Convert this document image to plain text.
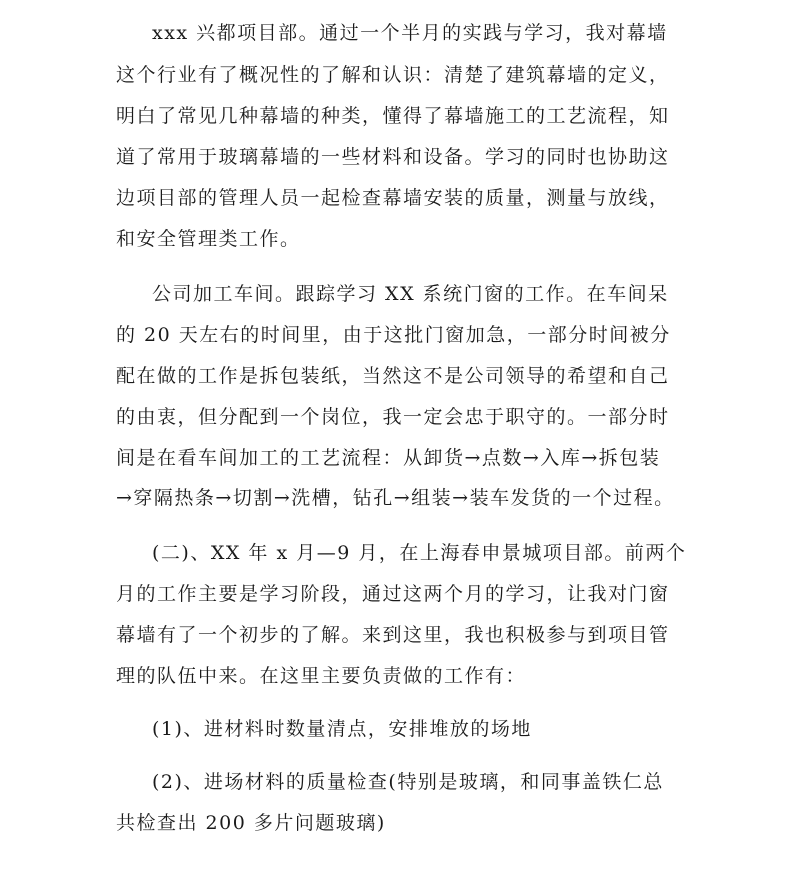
xxx 兴都项目部。通过一个半月的实践与学习，我对幕墙
这个行业有了概况性的了解和认识：清楚了建筑幕墙的定义，
明白了常见几种幕墙的种类，懂得了幕墙施工的工艺流程，知
道了常用于玻璃幕墙的一些材料和设备。学习的同时也协助这
边项目部的管理人员一起检查幕墙安装的质量，测量与放线，
和安全管理类工作。
公司加工车间。跟踪学习 XX 系统门窗的工作。在车间呆
的 20 天左右的时间里，由于这批门窗加急，一部分时间被分
配在做的工作是拆包装纸，当然这不是公司领导的希望和自己
的由衷，但分配到一个岗位，我一定会忠于职守的。一部分时
间是在看车间加工的工艺流程：从卸货→点数→入库→拆包装
→穿隔热条→切割→洗槽，钻孔→组装→装车发货的一个过程。
(二)、XX 年 x 月—9 月，在上海春申景城项目部。前两个
月的工作主要是学习阶段，通过这两个月的学习，让我对门窗
幕墙有了一个初步的了解。来到这里，我也积极参与到项目管
理的队伍中来。在这里主要负责做的工作有：
(1)、进材料时数量清点，安排堆放的场地
(2)、进场材料的质量检查(特别是玻璃，和同事盖铁仁总
共检查出 200 多片问题玻璃)
